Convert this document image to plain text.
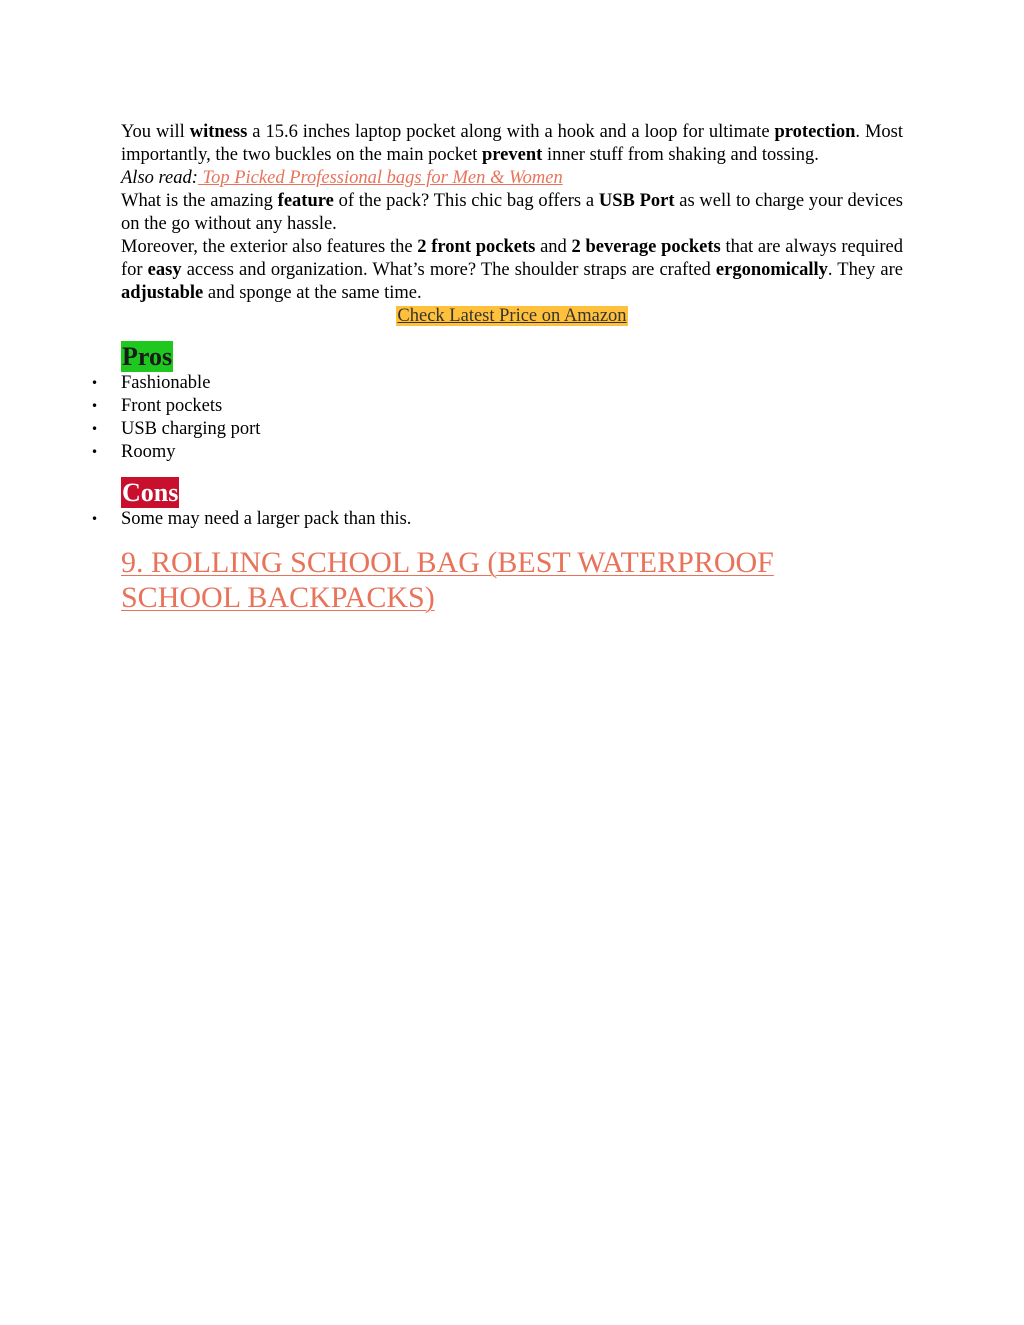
You will witness a 15.6 inches laptop pocket along with a hook and a loop for ultimate protection. Most importantly, the two buckles on the main pocket prevent inner stuff from shaking and tossing.

Also read: Top Picked Professional bags for Men & Women

What is the amazing feature of the pack? This chic bag offers a USB Port as well to charge your devices on the go without any hassle.

Moreover, the exterior also features the 2 front pockets and 2 beverage pockets that are always required for easy access and organization. What’s more? The shoulder straps are crafted ergonomically. They are adjustable and sponge at the same time.

Check Latest Price on Amazon

Pros
• Fashionable
• Front pockets
• USB charging port
• Roomy
Cons
• Some may need a larger pack than this.
9. ROLLING SCHOOL BAG (BEST WATERPROOF SCHOOL BACKPACKS)
